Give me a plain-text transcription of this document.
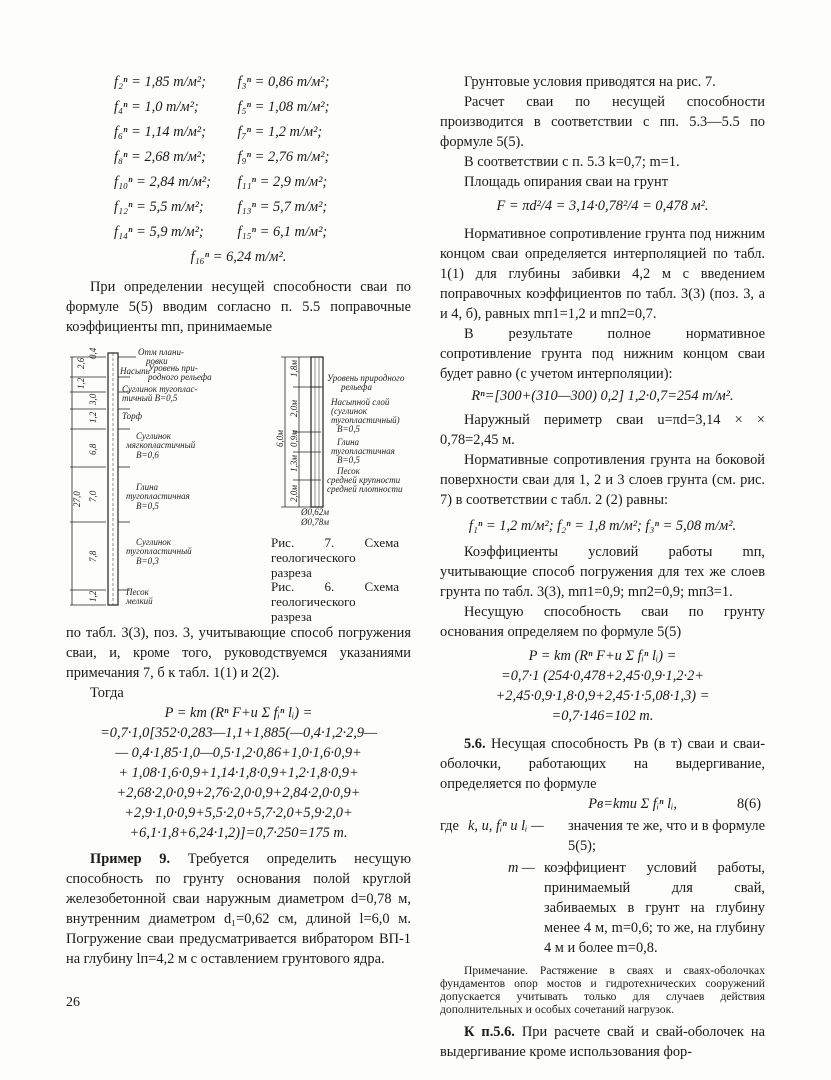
f₂ⁿ = 1,85 т/м²;	f₃ⁿ = 0,86 т/м²;
f₄ⁿ = 1,0 т/м²;	f₅ⁿ = 1,08 т/м²;
f₆ⁿ = 1,14 т/м²;	f₇ⁿ = 1,2 т/м²;
f₈ⁿ = 2,68 т/м²;	f₉ⁿ = 2,76 т/м²;
f₁₀ⁿ = 2,84 т/м²;	f₁₁ⁿ = 2,9 т/м²;
f₁₂ⁿ = 5,5 т/м²;	f₁₃ⁿ = 5,7 т/м²;
f₁₄ⁿ = 5,9 т/м²;	f₁₅ⁿ = 6,1 т/м²;
f₁₆ⁿ = 6,24 т/м².

При определении несущей способности сваи по формуле 5(5) вводим согласно п. 5.5 поправочные коэффициенты mп, принимаемые

2,6
0,4
1,2
3,0
1,2
6,8
27,0 7,0
7,8
1,2
Отм плани-
ровки
Насыпь
Уровень при-
родного рельефа
Суглинок тугоплас-
тичный В=0,5
Торф
Суглинок
мягкопластичный
В=0,6
Глина
тугопластичная
В=0,5
Суглинок
тугопластичный
В=0,3
Песок
мелкий
6,0м
1,8м
2,0м
0,9м
1,3м
2,0м
Уровень природного
рельефа
Насыпной слой
(суглинок
тугопластичный)
В=0,5
Глина
тугопластичная
В=0,5
Песок
средней крупности
средней плотности
Ø0,62м
Ø0,78м
Рис. 7. Схема геологического разреза
Рис. 6. Схема геологического разреза

по табл. 3(3), поз. 3, учитывающие способ погружения сваи, и, кроме того, руководствуемся указаниями примечания 7, б к табл. 1(1) и 2(2).

Тогда

P = km (Rⁿ F+u Σ fᵢⁿ lᵢ) =
=0,7·1,0[352·0,283—1,1+1,885(—0,4·1,2·2,9—
— 0,4·1,85·1,0—0,5·1,2·0,86+1,0·1,6·0,9+
+ 1,08·1,6·0,9+1,14·1,8·0,9+1,2·1,8·0,9+
+2,68·2,0·0,9+2,76·2,0·0,9+2,84·2,0·0,9+
+2,9·1,0·0,9+5,5·2,0+5,7·2,0+5,9·2,0+
+6,1·1,8+6,24·1,2)]=0,7·250=175 т.

Пример 9. Требуется определить несущую способность по грунту основания полой круглой железобетонной сваи наружным диаметром d=0,78 м, внутренним диаметром d₁=0,62 см, длиной l=6,0 м. Погружение сваи предусматривается вибратором ВП-1 на глубину lп=4,2 м с оставлением грунтового ядра.

Грунтовые условия приводятся на рис. 7.

Расчет сваи по несущей способности производится в соответствии с пп. 5.3—5.5 по формуле 5(5).

В соответствии с п. 5.3 k=0,7; m=1.

Площадь опирания сваи на грунт

F = πd²/4 = 3,14·0,78²/4 = 0,478 м².

Нормативное сопротивление грунта под нижним концом сваи определяется интерполяцией по табл. 1(1) для глубины забивки 4,2 м с введением поправочных коэффициентов по табл. 3(3) (поз. 3, а и 4, б), равных mп1=1,2 и mп2=0,7.

В результате полное нормативное сопротивление грунта под нижним концом сваи будет равно (с учетом интерполяции):

Rⁿ=[300+(310—300) 0,2] 1,2·0,7=254 т/м².

Наружный периметр сваи u=πd=3,14 × × 0,78=2,45 м.

Нормативные сопротивления грунта на боковой поверхности сваи для 1, 2 и 3 слоев грунта (см. рис. 7) в соответствии с табл. 2 (2) равны:

f₁ⁿ = 1,2 т/м²; f₂ⁿ = 1,8 т/м²; f₃ⁿ = 5,08 т/м².

Коэффициенты условий работы mп, учитывающие способ погружения для тех же слоев грунта по табл. 3(3), mп1=0,9; mп2=0,9; mп3=1.

Несущую способность сваи по грунту основания определяем по формуле 5(5)

P = km (Rⁿ F+u Σ fᵢⁿ lᵢ) =
=0,7·1 (254·0,478+2,45·0,9·1,2·2+
+2,45·0,9·1,8·0,9+2,45·1·5,08·1,3) =
=0,7·146=102 т.

5.6. Несущая способность Pв (в т) сваи и сваи-оболочки, работающих на выдергивание, определяется по формуле

Pв=kmu Σ fᵢⁿ lᵢ,	8(6)
где k, u, fᵢⁿ и lᵢ —	значения те же, что и в формуле 5(5);
m — коэффициент условий работы, принимаемый для свай, забиваемых в грунт на глубину менее 4 м, m=0,6; то же, на глубину 4 м и более m=0,8.

Примечание. Растяжение в сваях и сваях-оболочках фундаментов опор мостов и гидротехнических сооружений допускается учитывать только для случаев действия дополнительных и особых сочетаний нагрузок.

К п.5.6. При расчете свай и свай-оболочек на выдергивание кроме использования фор-

26
